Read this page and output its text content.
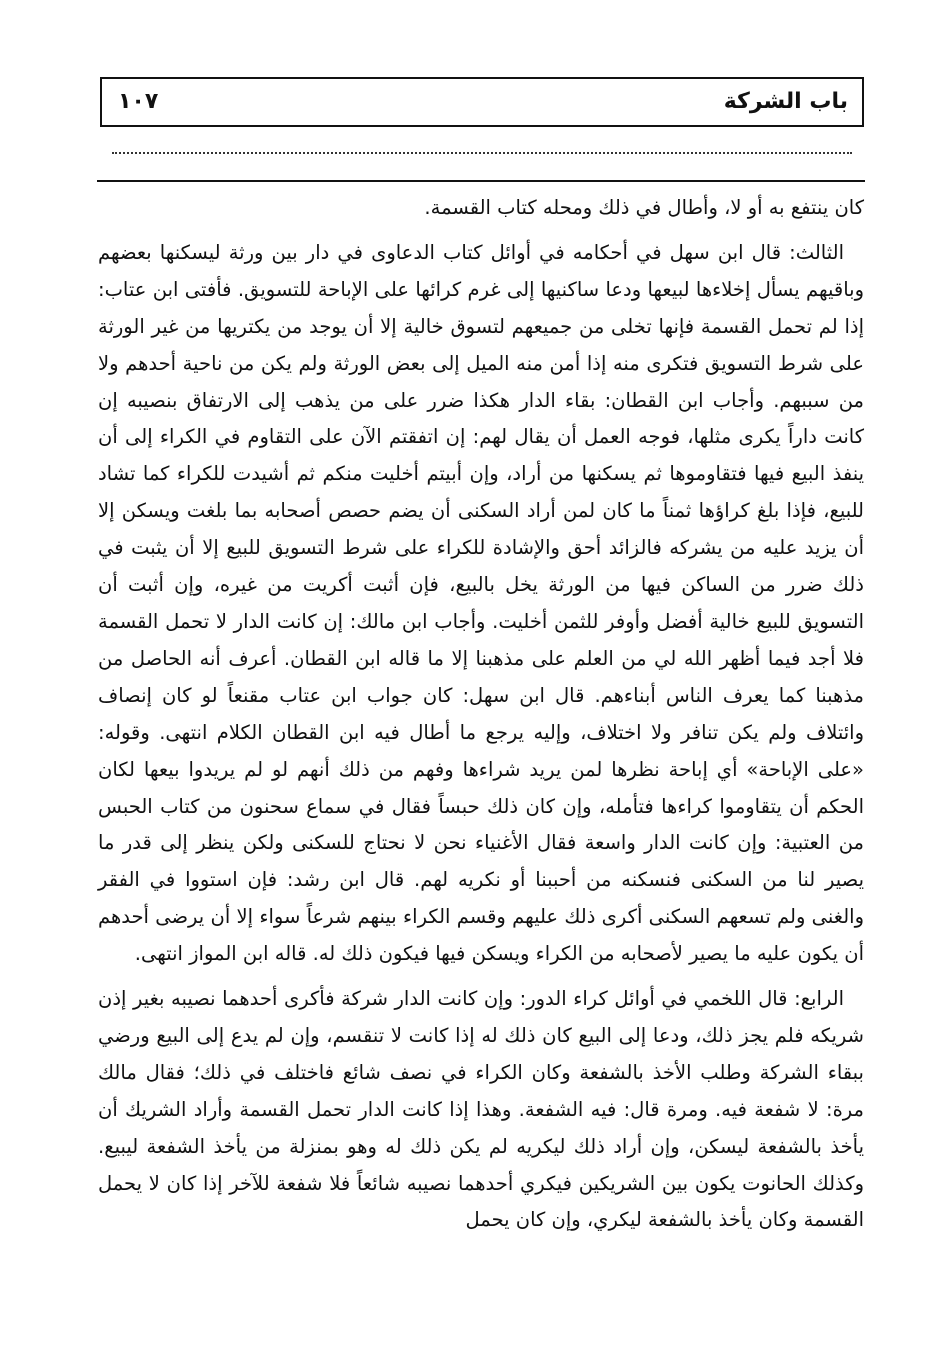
باب الشركة
١٠٧

كان ينتفع به أو لا، وأطال في ذلك ومحله كتاب القسمة.

الثالث: قال ابن سهل في أحكامه في أوائل كتاب الدعاوى في دار بين ورثة ليسكنها بعضهم وباقيهم يسأل إخلاءها لبيعها ودعا ساكنيها إلى غرم كرائها على الإباحة للتسويق. فأفتى ابن عتاب: إذا لم تحمل القسمة فإنها تخلى من جميعهم لتسوق خالية إلا أن يوجد من يكتريها من غير الورثة على شرط التسويق فتكرى منه إذا أمن منه الميل إلى بعض الورثة ولم يكن من ناحية أحدهم ولا من سببهم. وأجاب ابن القطان: بقاء الدار هكذا ضرر على من يذهب إلى الارتفاق بنصيبه إن كانت داراً يكرى مثلها، فوجه العمل أن يقال لهم: إن اتفقتم الآن على التقاوم في الكراء إلى أن ينفذ البيع فيها فتقاوموها ثم يسكنها من أراد، وإن أبيتم أخليت منكم ثم أشيدت للكراء كما تشاد للبيع، فإذا بلغ كراؤها ثمناً ما كان لمن أراد السكنى أن يضم حصص أصحابه بما بلغت ويسكن إلا أن يزيد عليه من يشركه فالزائد أحق والإشادة للكراء على شرط التسويق للبيع إلا أن يثبت في ذلك ضرر من الساكن فيها من الورثة يخل بالبيع، فإن أثبت أكريت من غيره، وإن أثبت أن التسويق للبيع خالية أفضل وأوفر للثمن أخليت. وأجاب ابن مالك: إن كانت الدار لا تحمل القسمة فلا أجد فيما أظهر الله لي من العلم على مذهبنا إلا ما قاله ابن القطان. أعرف أنه الحاصل من مذهبنا كما يعرف الناس أبناءهم. قال ابن سهل: كان جواب ابن عتاب مقنعاً لو كان إنصاف وائتلاف ولم يكن تنافر ولا اختلاف، وإليه يرجع ما أطال فيه ابن القطان الكلام انتهى. وقوله: «على الإباحة» أي إباحة نظرها لمن يريد شراءها وفهم من ذلك أنهم لو لم يريدوا بيعها لكان الحكم أن يتقاوموا كراءها فتأمله، وإن كان ذلك حبساً فقال في سماع سحنون من كتاب الحبس من العتبية: وإن كانت الدار واسعة فقال الأغنياء نحن لا نحتاج للسكنى ولكن ينظر إلى قدر ما يصير لنا من السكنى فنسكنه من أحببنا أو نكريه لهم. قال ابن رشد: فإن استووا في الفقر والغنى ولم تسعهم السكنى أكرى ذلك عليهم وقسم الكراء بينهم شرعاً سواء إلا أن يرضى أحدهم أن يكون عليه ما يصير لأصحابه من الكراء ويسكن فيها فيكون ذلك له. قاله ابن المواز انتهى.

الرابع: قال اللخمي في أوائل كراء الدور: وإن كانت الدار شركة فأكرى أحدهما نصيبه بغير إذن شريكه فلم يجز ذلك، ودعا إلى البيع كان ذلك له إذا كانت لا تنقسم، وإن لم يدع إلى البيع ورضي ببقاء الشركة وطلب الأخذ بالشفعة وكان الكراء في نصف شائع فاختلف في ذلك؛ فقال مالك مرة: لا شفعة فيه. ومرة قال: فيه الشفعة. وهذا إذا كانت الدار تحمل القسمة وأراد الشريك أن يأخذ بالشفعة ليسكن، وإن أراد ذلك ليكريه لم يكن ذلك له وهو بمنزلة من يأخذ الشفعة ليبيع. وكذلك الحانوت يكون بين الشريكين فيكري أحدهما نصيبه شائعاً فلا شفعة للآخر إذا كان لا يحمل القسمة وكان يأخذ بالشفعة ليكري، وإن كان يحمل
